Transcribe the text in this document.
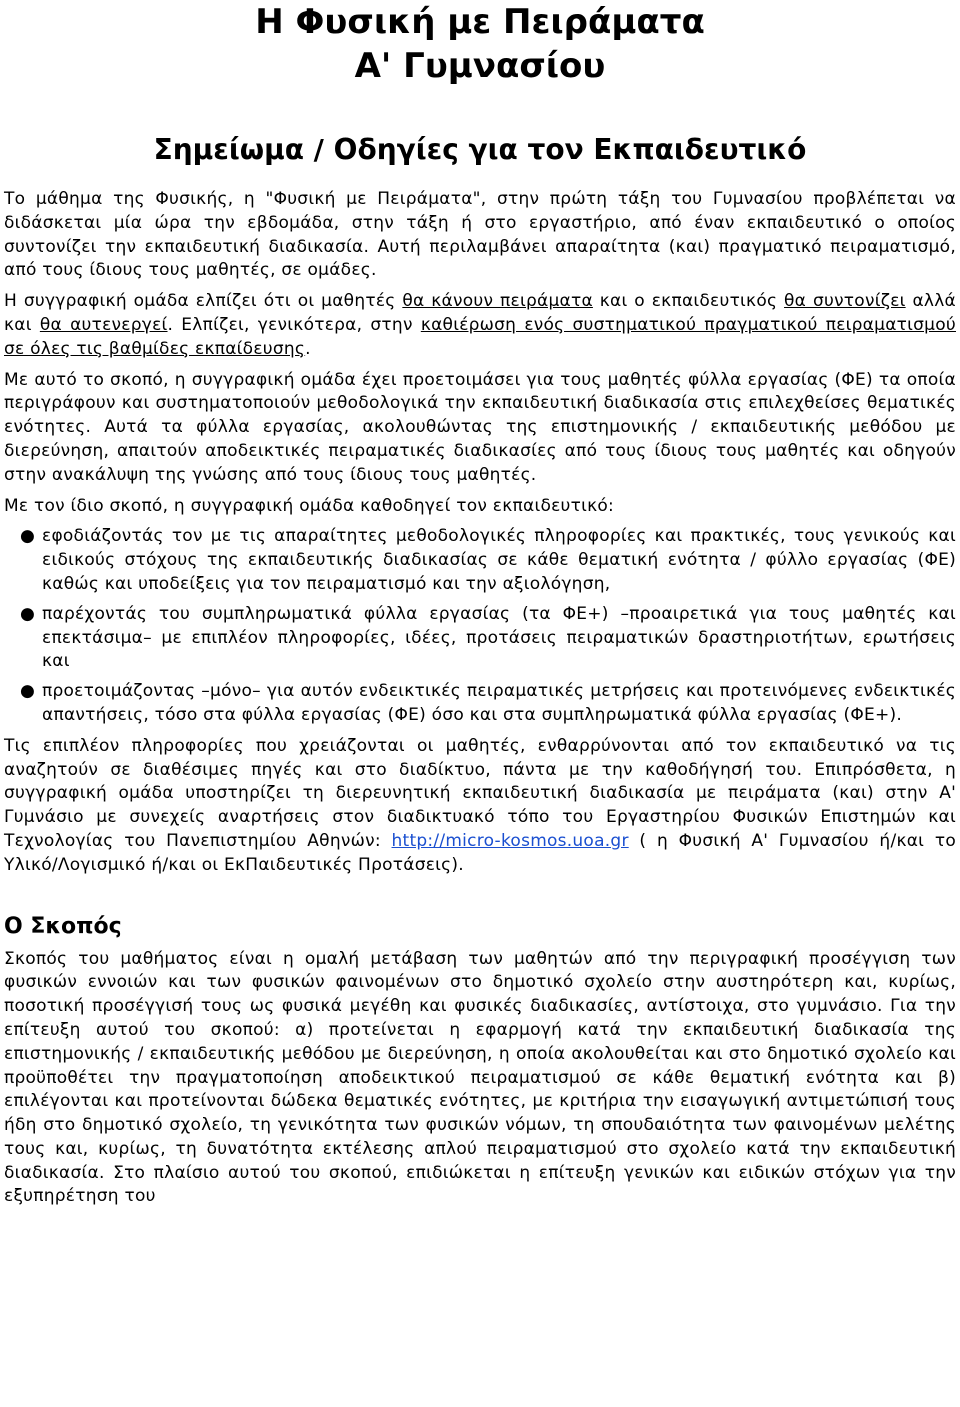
Η Φυσική με Πειράματα
Α' Γυμνασίου
Σημείωμα / Οδηγίες για τον Εκπαιδευτικό

Το μάθημα της Φυσικής, η "Φυσική με Πειράματα", στην πρώτη τάξη του Γυμνασίου προβλέπεται να διδάσκεται μία ώρα την εβδομάδα, στην τάξη ή στο εργαστήριο, από έναν εκπαιδευτικό ο οποίος συντονίζει την εκπαιδευτική διαδικασία. Αυτή περιλαμβάνει απαραίτητα (και) πραγματικό πειραματισμό, από τους ίδιους τους μαθητές, σε ομάδες.

Η συγγραφική ομάδα ελπίζει ότι οι μαθητές θα κάνουν πειράματα και ο εκπαιδευτικός θα συντονίζει αλλά και θα αυτενεργεί. Ελπίζει, γενικότερα, στην καθιέρωση ενός συστηματικού πραγματικού πειραματισμού σε όλες τις βαθμίδες εκπαίδευσης.

Με αυτό το σκοπό, η συγγραφική ομάδα έχει προετοιμάσει για τους μαθητές φύλλα εργασίας (ΦΕ) τα οποία περιγράφουν και συστηματοποιούν μεθοδολογικά την εκπαιδευτική διαδικασία στις επιλεχθείσες θεματικές ενότητες. Αυτά τα φύλλα εργασίας, ακολουθώντας της επιστημονικής / εκπαιδευτικής μεθόδου με διερεύνηση, απαιτούν αποδεικτικές πειραματικές διαδικασίες από τους ίδιους τους μαθητές και οδηγούν στην ανακάλυψη της γνώσης από τους ίδιους τους μαθητές.

Με τον ίδιο σκοπό, η συγγραφική ομάδα καθοδηγεί τον εκπαιδευτικό:

● εφοδιάζοντάς τον με τις απαραίτητες μεθοδολογικές πληροφορίες και πρακτικές, τους γενικούς και ειδικούς στόχους της εκπαιδευτικής διαδικασίας σε κάθε θεματική ενότητα / φύλλο εργασίας (ΦΕ) καθώς και υποδείξεις για τον πειραματισμό και την αξιολόγηση,
● παρέχοντάς του συμπληρωματικά φύλλα εργασίας (τα ΦΕ+) –προαιρετικά για τους μαθητές και επεκτάσιμα– με επιπλέον πληροφορίες, ιδέες, προτάσεις πειραματικών δραστηριοτήτων, ερωτήσεις και
● προετοιμάζοντας –μόνο– για αυτόν ενδεικτικές πειραματικές μετρήσεις και προτεινόμενες ενδεικτικές απαντήσεις, τόσο στα φύλλα εργασίας (ΦΕ) όσο και στα συμπληρωματικά φύλλα εργασίας (ΦΕ+).

Τις επιπλέον πληροφορίες που χρειάζονται οι μαθητές, ενθαρρύνονται από τον εκπαιδευτικό να τις αναζητούν σε διαθέσιμες πηγές και στο διαδίκτυο, πάντα με την καθοδήγησή του. Επιπρόσθετα, η συγγραφική ομάδα υποστηρίζει τη διερευνητική εκπαιδευτική διαδικασία με πειράματα (και) στην Α' Γυμνάσιο με συνεχείς αναρτήσεις στον διαδικτυακό τόπο του Εργαστηρίου Φυσικών Επιστημών και Τεχνολογίας του Πανεπιστημίου Αθηνών: http://micro-kosmos.uoa.gr ( η Φυσική Α' Γυμνασίου ή/και το Υλικό/Λογισμικό ή/και οι ΕκΠαιδευτικές Προτάσεις).

Ο Σκοπός

Σκοπός του μαθήματος είναι η ομαλή μετάβαση των μαθητών από την περιγραφική προσέγγιση των φυσικών εννοιών και των φυσικών φαινομένων στο δημοτικό σχολείο στην αυστηρότερη και, κυρίως, ποσοτική προσέγγισή τους ως φυσικά μεγέθη και φυσικές διαδικασίες, αντίστοιχα, στο γυμνάσιο. Για την επίτευξη αυτού του σκοπού: α) προτείνεται η εφαρμογή κατά την εκπαιδευτική διαδικασία της επιστημονικής / εκπαιδευτικής μεθόδου με διερεύνηση, η οποία ακολουθείται και στο δημοτικό σχολείο και προϋποθέτει την πραγματοποίηση αποδεικτικού πειραματισμού σε κάθε θεματική ενότητα και β) επιλέγονται και προτείνονται δώδεκα θεματικές ενότητες, με κριτήρια την εισαγωγική αντιμετώπισή τους ήδη στο δημοτικό σχολείο, τη γενικότητα των φυσικών νόμων, τη σπουδαιότητα των φαινομένων μελέτης τους και, κυρίως, τη δυνατότητα εκτέλεσης απλού πειραματισμού στο σχολείο κατά την εκπαιδευτική διαδικασία. Στο πλαίσιο αυτού του σκοπού, επιδιώκεται η επίτευξη γενικών και ειδικών στόχων για την εξυπηρέτηση του
